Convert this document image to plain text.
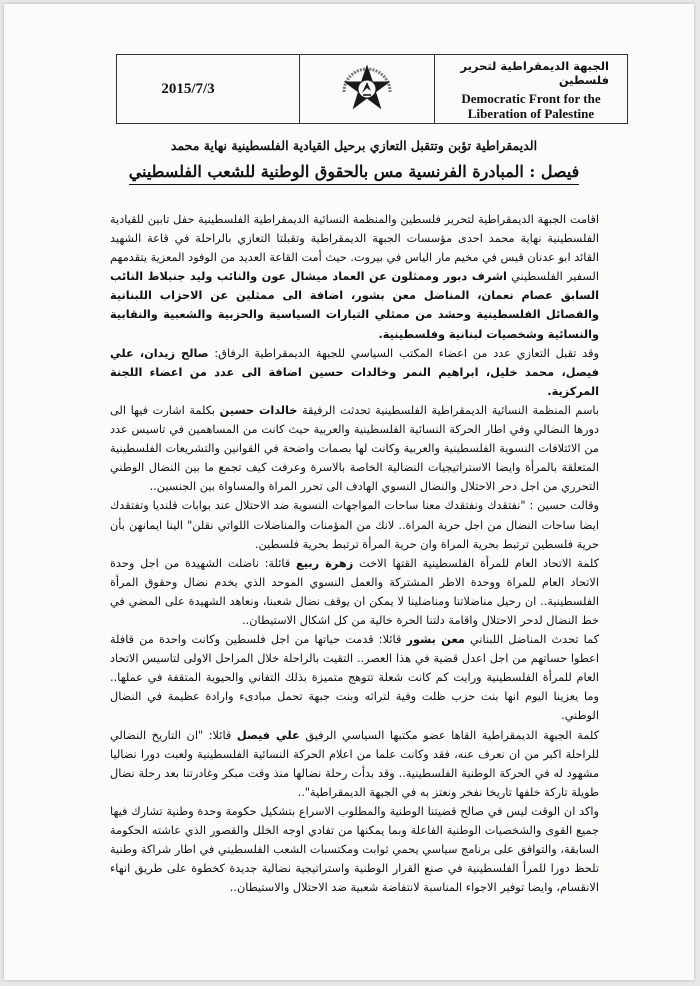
2015/7/3
الجبهة الديمقراطية لتحرير فلسطين
Democratic Front for the
Liberation of Palestine
الديمقراطية تؤبن وتتقبل التعازي برحيل القيادية الفلسطينية نهاية محمد
فيصل : المبادرة الفرنسية مس بالحقوق الوطنية للشعب الفلسطيني

اقامت الجبهة الديمقراطية لتحرير فلسطين والمنظمة النسائية الديمقراطية الفلسطينية حفل تابين للقيادية الفلسطينية نهاية محمد احدى مؤسسات الجبهة الديمقراطية وتقبلتا التعازي بالراحلة في قاعة الشهيد القائد ابو عدنان قيس في مخيم مار الياس في بيروت. حيث أمت القاعة العديد من الوفود المعزية يتقدمهم السفير الفلسطيني اشرف دبور وممثلون عن العماد ميشال عون والنائب وليد جنبلاط النائب السابق عصام نعمان، المناضل معن بشور، اضافة الى ممثلين عن الاحزاب اللبنانية والفصائل الفلسطينية وحشد من ممثلي التيارات السياسية والحزبية والشعبية والنقابية والنسائية وشخصيات لبنانية وفلسطينية.

وقد تقبل التعازي عدد من اعضاء المكتب السياسي للجبهة الديمقراطية الرفاق: صالح زيدان، علي فيصل، محمد خليل، ابراهيم النمر وخالدات حسين اضافة الى عدد من اعضاء اللجنة المركزية.

باسم المنظمة النسائية الديمقراطية الفلسطينية تحدثت الرفيقة خالدات حسين بكلمة اشارت فيها الى دورها النضالي وفي اطار الحركة النسائية الفلسطينية والعربية حيث كانت من المساهمين في تاسيس عدد من الائتلافات النسوية الفلسطينية والعربية وكانت لها بصمات واضحة في القوانين والتشريعات الفلسطينية المتعلقة بالمرأة وايضا الاستراتيجيات النضالية الخاصة بالاسرة وعرفت كيف تجمع ما بين النضال الوطني التحرري من اجل دحر الاحتلال والنضال النسوي الهادف الى تحرر المراة والمساواة بين الجنسين..

وقالت حسين : "نفتقدك ونفتقدك معنا ساحات المواجهات النسوية ضد الاحتلال عند بوابات قلنديا وتفتقدك ايضا ساحات النضال من اجل حرية المراة.. لانك من المؤمنات والمناضلات اللواتي نقلن" الينا ايمانهن بأن حرية فلسطين ترتبط بحرية المراة وان حرية المرأة ترتبط بحرية فلسطين.

كلمة الاتحاد العام للمرأة الفلسطينية القتها الاخت زهرة ربيع قائلة: ناضلت الشهيدة من اجل وحدة الاتحاد العام للمراة ووحدة الاطر المشتركة والعمل النسوي الموحد الذي يخدم نضال وحقوق المرأة الفلسطينية.. ان رحيل مناضلاتنا ومناضلينا لا يمكن ان يوقف نضال شعبنا، ونعاهد الشهيدة على المضي في خط النضال لدحر الاحتلال واقامة دلتنا الحرة خالية من كل اشكال الاستيطان..

كما تحدث المناضل اللبناني معن بشور قائلا: قدمت حياتها من اجل فلسطين وكانت واحدة من قافلة اعطوا حساتهم من اجل اعدل قضية في هذا العصر.. التقيت بالراحلة خلال المراحل الاولى لتاسيس الاتحاد العام للمرأة الفلسطينية ورايت كم كانت شعلة تتوهج متميزة بذلك التفاني والحيوية المتقفة في عملها.. وما يعزينا اليوم انها بنت حزب ظلت وفية لتراثه وبنت جبهة تحمل مبادىء وارادة عظيمة في النضال الوطني.

كلمة الجبهة الديمقراطية القاها عضو مكتبها السياسي الرفيق علي فيصل قائلا: "ان التاريخ النضالي للراحلة اكبر من ان نعرف عنه، فقد وكانت علما من اعلام الحركة النسائية الفلسطينية ولعبت دورا نضاليا مشهود له في الحركة الوطنية الفلسطينية.. وقد بدأت رحلة نضالها منذ وقت مبكر وغادرتنا بعد رحلة نضال طويلة تاركة خلفها تاريخا نفخر ونعتز به في الجبهة الديمقراطية"..

واكد ان الوقت ليس في صالح قضيتنا الوطنية والمطلوب الاسراع بتشكيل حكومة وحدة وطنية تشارك فيها جميع القوى والشخصيات الوطنية الفاعلة وبما يمكنها من تفادي اوجه الخلل والقصور الذي عاشته الحكومة السابقة، والتوافق على برنامج سياسي يحمي ثوابت ومكتسبات الشعب الفلسطيني في اطار شراكة وطنية تلحظ دورا للمرأ الفلسطينية في صنع القرار الوطنية واستراتيجية نضالية جديدة كخطوة على طريق انهاء الانقسام، وايضا توفير الاجواء المناسبة لانتفاضة شعبية ضد الاحتلال والاستيطان..
